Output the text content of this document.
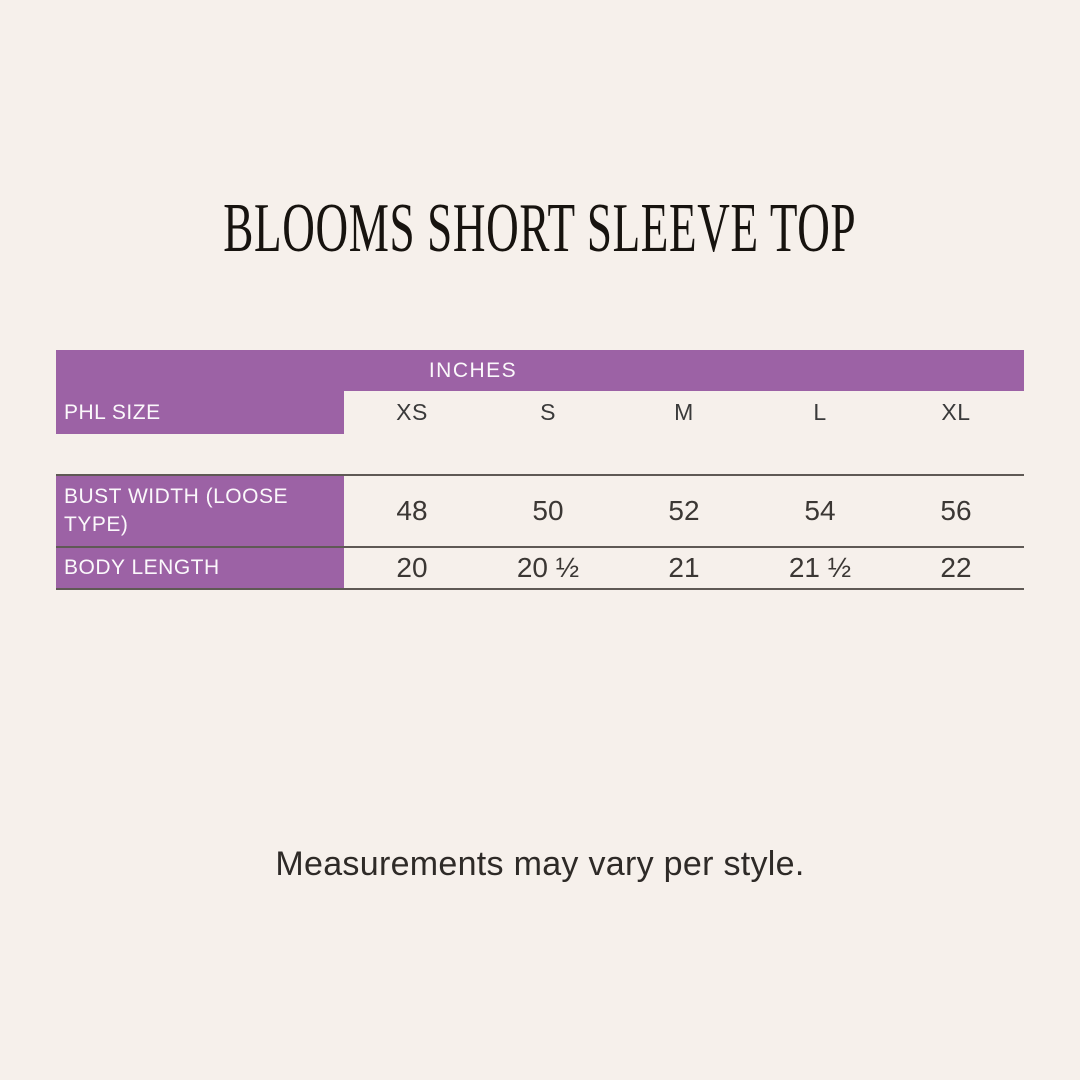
BLOOMS SHORT SLEEVE TOP
INCHES
PHL SIZE	XS	S	M	L	XL
BUST WIDTH (LOOSE TYPE)	48	50	52	54	56
BODY LENGTH	20	20 ½	21	21 ½	22
Measurements may vary per style.
